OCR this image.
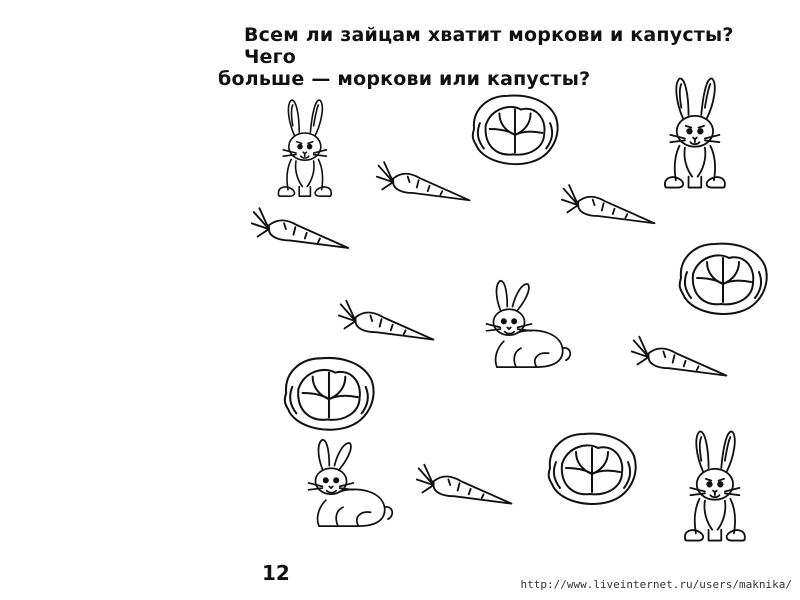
Всем ли зайцам хватит моркови и капусты? Чего
больше — моркови или капусты?
12	http://www.liveinternet.ru/users/maknika/
